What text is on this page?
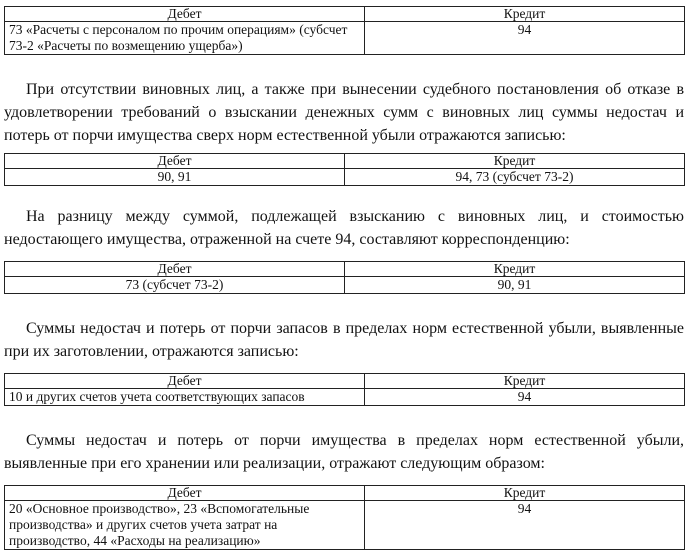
Дебет	Кредит
73 «Расчеты с персоналом по прочим операциям» (субсчет 73-2 «Расчеты по возмещению ущерба»)	94

При отсутствии виновных лиц, а также при вынесении судебного постановления об отказе в удовлетворении требований о взыскании денежных сумм с виновных лиц суммы недостач и потерь от порчи имущества сверх норм естественной убыли отражаются записью:

Дебет	Кредит
90, 91	94, 73 (субсчет 73-2)

На разницу между суммой, подлежащей взысканию с виновных лиц, и стоимостью недостающего имущества, отраженной на счете 94, составляют корреспонденцию:

Дебет	Кредит
73 (субсчет 73-2)	90, 91

Суммы недостач и потерь от порчи запасов в пределах норм естественной убыли, выявленные при их заготовлении, отражаются записью:

Дебет	Кредит
10 и других счетов учета соответствующих запасов	94

Суммы недостач и потерь от порчи имущества в пределах норм естественной убыли, выявленные при его хранении или реализации, отражают следующим образом:

Дебет	Кредит
20 «Основное производство», 23 «Вспомогательные производства» и других счетов учета затрат на производство, 44 «Расходы на реализацию»	94
